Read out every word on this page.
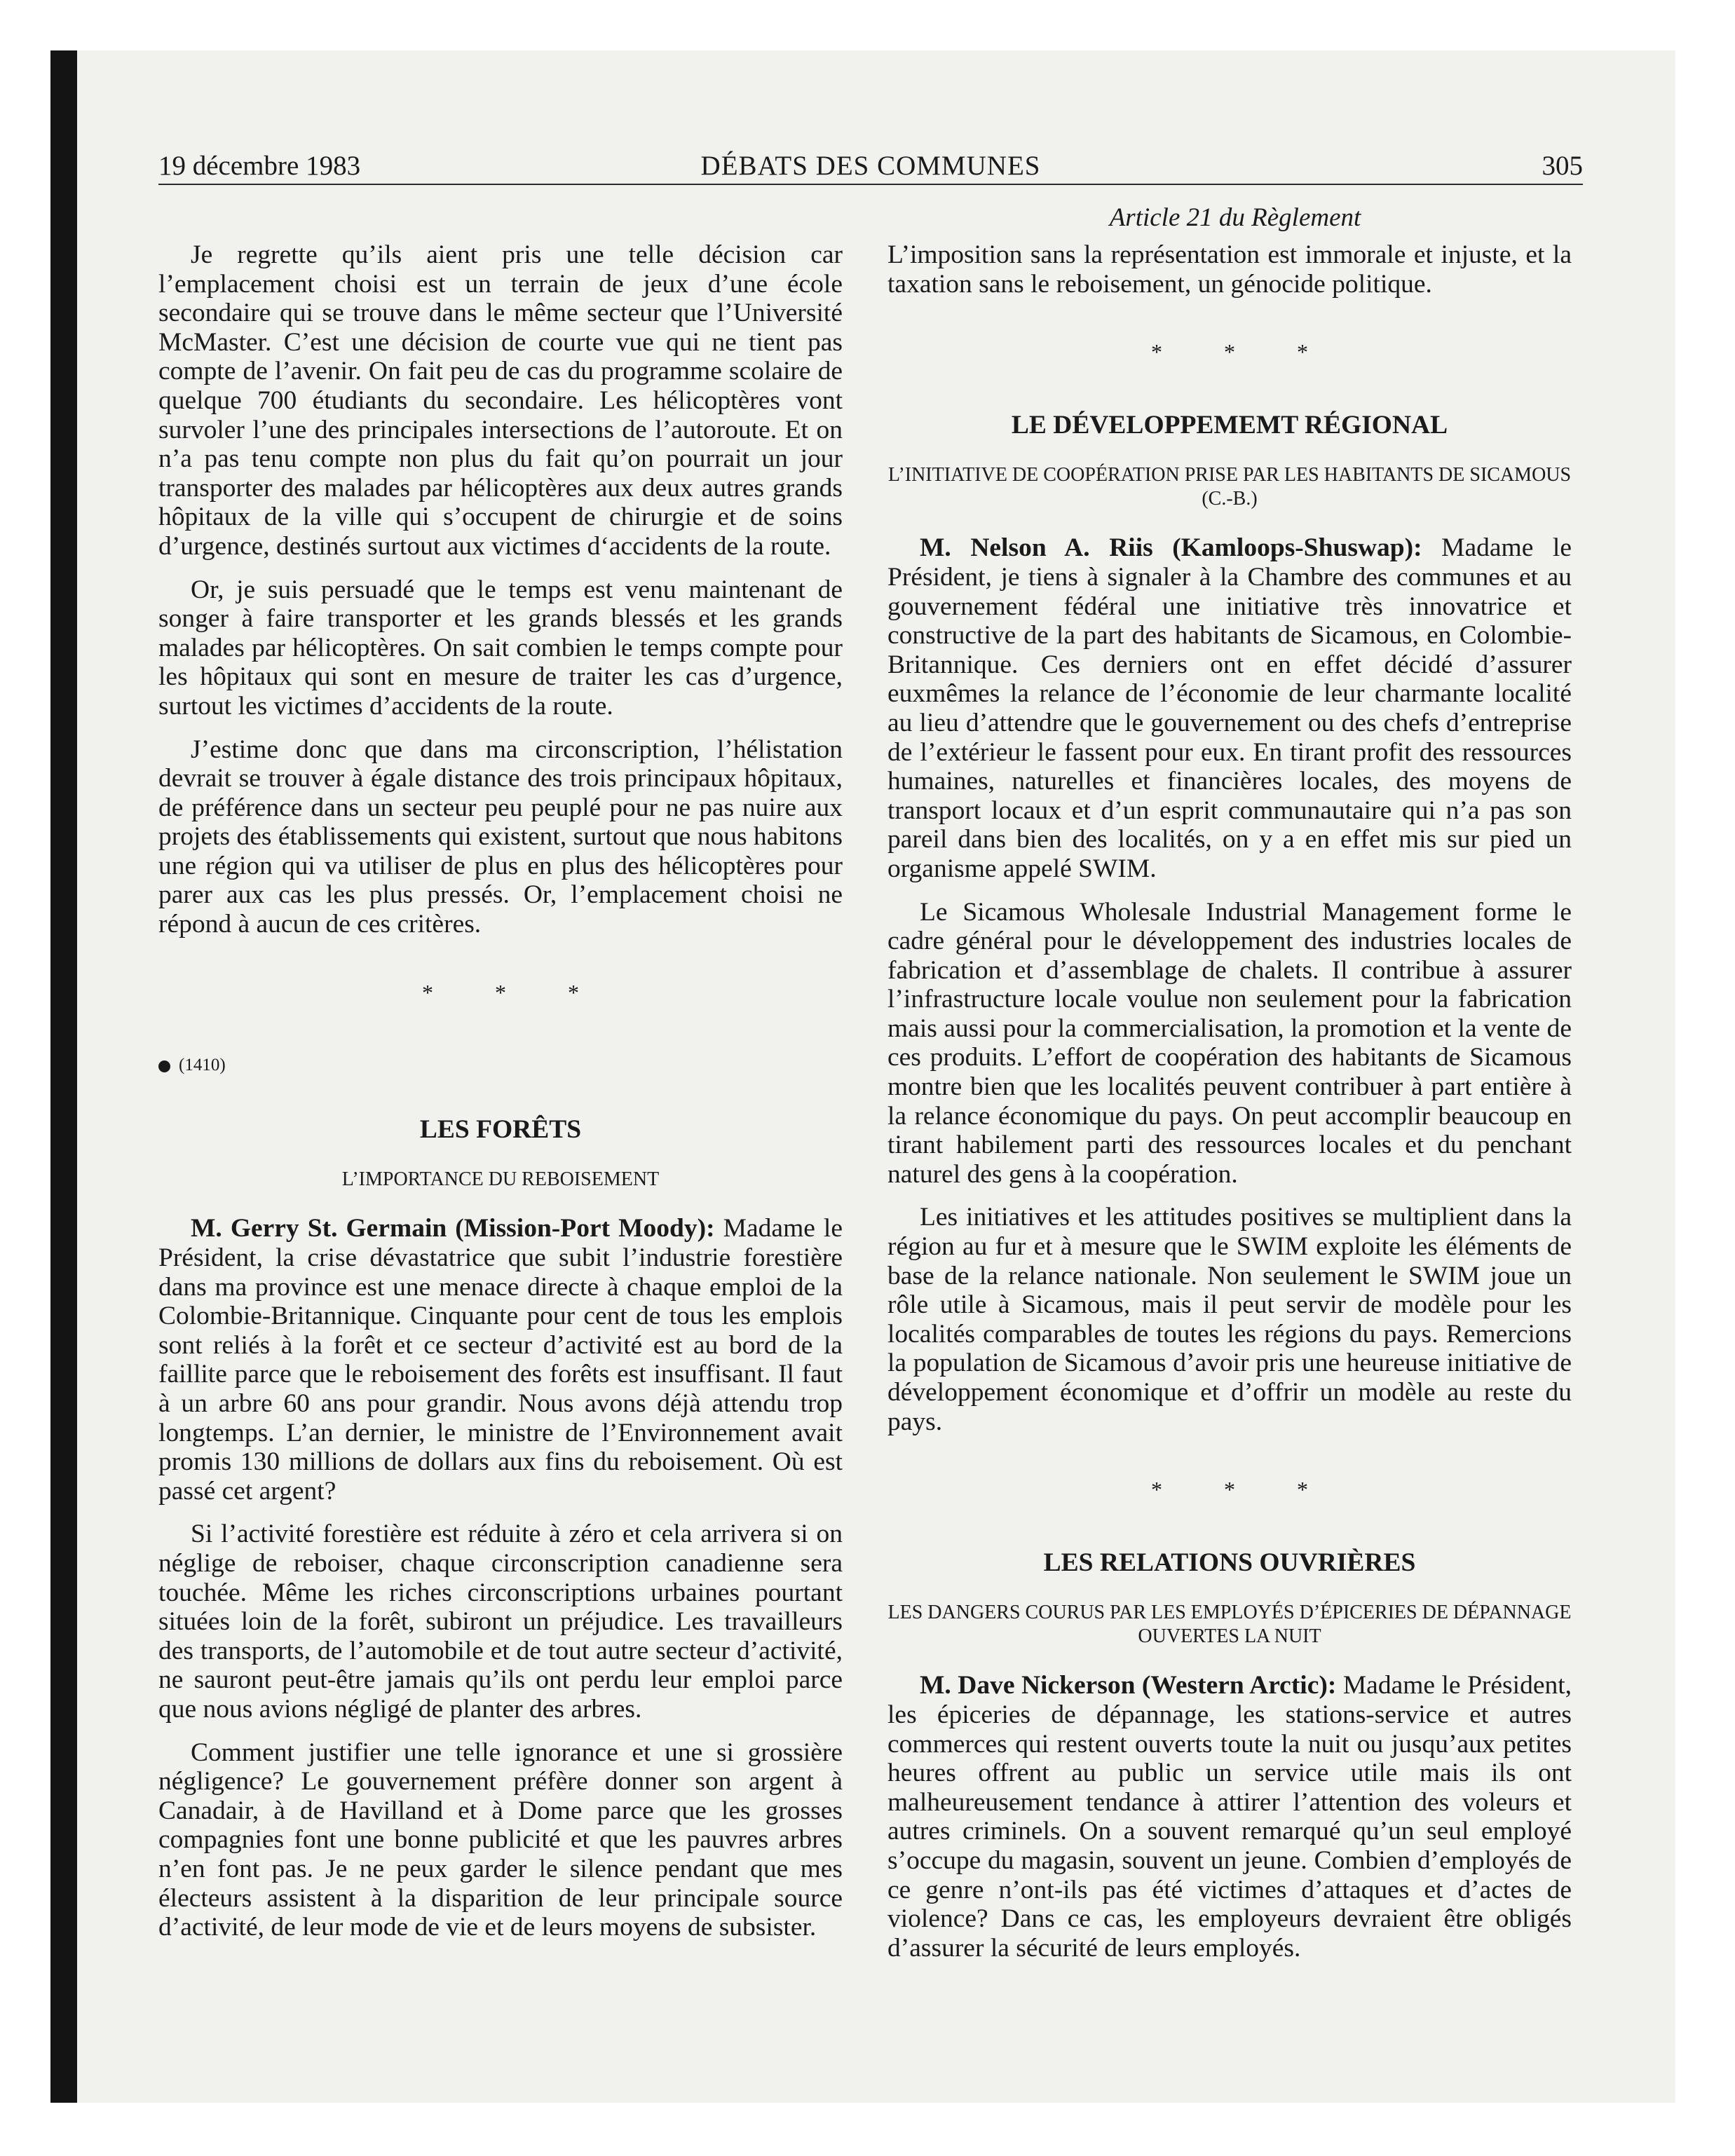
19 décembre 1983	DÉBATS DES COMMUNES	305
Article 21 du Règlement

Je regrette qu’ils aient pris une telle décision car l’emplacement choisi est un terrain de jeux d’une école secondaire qui se trouve dans le même secteur que l’Université McMaster. C’est une décision de courte vue qui ne tient pas compte de l’avenir. On fait peu de cas du programme scolaire de quelque 700 étudiants du secondaire. Les hélicoptères vont survoler l’une des principales intersections de l’autoroute. Et on n’a pas tenu compte non plus du fait qu’on pourrait un jour transporter des malades par hélicoptères aux deux autres grands hôpitaux de la ville qui s’occupent de chirurgie et de soins d’urgence, destinés surtout aux victimes d‘accidents de la route.

Or, je suis persuadé que le temps est venu maintenant de songer à faire transporter et les grands blessés et les grands malades par hélicoptères. On sait combien le temps compte pour les hôpitaux qui sont en mesure de traiter les cas d’urgence, surtout les victimes d’accidents de la route.

J’estime donc que dans ma circonscription, l’hélistation devrait se trouver à égale distance des trois principaux hôpitaux, de préférence dans un secteur peu peuplé pour ne pas nuire aux projets des établissements qui existent, surtout que nous habitons une région qui va utiliser de plus en plus des hélicoptères pour parer aux cas les plus pressés. Or, l’emplacement choisi ne répond à aucun de ces critères.

* * *
(1410)
LES FORÊTS
L’IMPORTANCE DU REBOISEMENT

M. Gerry St. Germain (Mission-Port Moody): Madame le Président, la crise dévastatrice que subit l’industrie forestière dans ma province est une menace directe à chaque emploi de la Colombie-Britannique. Cinquante pour cent de tous les emplois sont reliés à la forêt et ce secteur d’activité est au bord de la faillite parce que le reboisement des forêts est insuffisant. Il faut à un arbre 60 ans pour grandir. Nous avons déjà attendu trop longtemps. L’an dernier, le ministre de l’Environnement avait promis 130 millions de dollars aux fins du reboisement. Où est passé cet argent?

Si l’activité forestière est réduite à zéro et cela arrivera si on néglige de reboiser, chaque circonscription canadienne sera touchée. Même les riches circonscriptions urbaines pourtant situées loin de la forêt, subiront un préjudice. Les travailleurs des transports, de l’automobile et de tout autre secteur d’activité, ne sauront peut-être jamais qu’ils ont perdu leur emploi parce que nous avions négligé de planter des arbres.

Comment justifier une telle ignorance et une si grossière négligence? Le gouvernement préfère donner son argent à Canadair, à de Havilland et à Dome parce que les grosses compagnies font une bonne publicité et que les pauvres arbres n’en font pas. Je ne peux garder le silence pendant que mes électeurs assistent à la disparition de leur principale source d’activité, de leur mode de vie et de leurs moyens de subsister.

L’imposition sans la représentation est immorale et injuste, et la taxation sans le reboisement, un génocide politique.

* * *
LE DÉVELOPPEMEMT RÉGIONAL
L’INITIATIVE DE COOPÉRATION PRISE PAR LES HABITANTS DE SICAMOUS (C.-B.)

M. Nelson A. Riis (Kamloops-Shuswap): Madame le Président, je tiens à signaler à la Chambre des communes et au gouvernement fédéral une initiative très innovatrice et constructive de la part des habitants de Sicamous, en Colombie-Britannique. Ces derniers ont en effet décidé d’assurer euxmêmes la relance de l’économie de leur charmante localité au lieu d’attendre que le gouvernement ou des chefs d’entreprise de l’extérieur le fassent pour eux. En tirant profit des ressources humaines, naturelles et financières locales, des moyens de transport locaux et d’un esprit communautaire qui n’a pas son pareil dans bien des localités, on y a en effet mis sur pied un organisme appelé SWIM.

Le Sicamous Wholesale Industrial Management forme le cadre général pour le développement des industries locales de fabrication et d’assemblage de chalets. Il contribue à assurer l’infrastructure locale voulue non seulement pour la fabrication mais aussi pour la commercialisation, la promotion et la vente de ces produits. L’effort de coopération des habitants de Sicamous montre bien que les localités peuvent contribuer à part entière à la relance économique du pays. On peut accomplir beaucoup en tirant habilement parti des ressources locales et du penchant naturel des gens à la coopération.

Les initiatives et les attitudes positives se multiplient dans la région au fur et à mesure que le SWIM exploite les éléments de base de la relance nationale. Non seulement le SWIM joue un rôle utile à Sicamous, mais il peut servir de modèle pour les localités comparables de toutes les régions du pays. Remercions la population de Sicamous d’avoir pris une heureuse initiative de développement économique et d’offrir un modèle au reste du pays.

* * *
LES RELATIONS OUVRIÈRES
LES DANGERS COURUS PAR LES EMPLOYÉS D’ÉPICERIES DE DÉPANNAGE OUVERTES LA NUIT

M. Dave Nickerson (Western Arctic): Madame le Président, les épiceries de dépannage, les stations-service et autres commerces qui restent ouverts toute la nuit ou jusqu’aux petites heures offrent au public un service utile mais ils ont malheureusement tendance à attirer l’attention des voleurs et autres criminels. On a souvent remarqué qu’un seul employé s’occupe du magasin, souvent un jeune. Combien d’employés de ce genre n’ont-ils pas été victimes d’attaques et d’actes de violence? Dans ce cas, les employeurs devraient être obligés d’assurer la sécurité de leurs employés.
